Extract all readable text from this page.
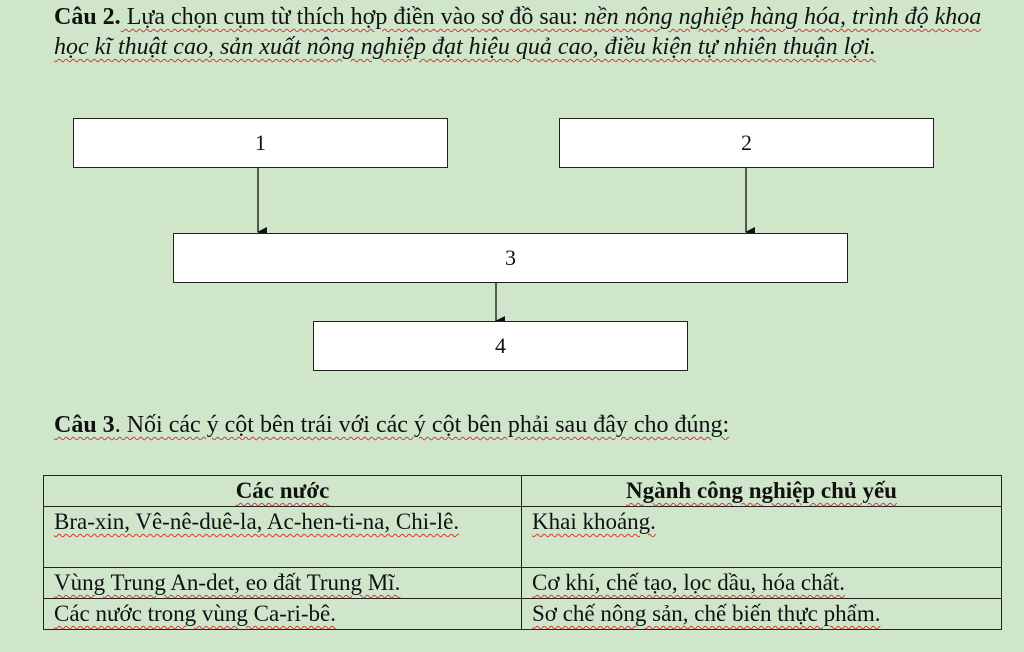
Câu 2. Lựa chọn cụm từ thích hợp điền vào sơ đồ sau: nền nông nghiệp hàng hóa, trình độ khoa học kĩ thuật cao, sản xuất nông nghiệp đạt hiệu quả cao, điều kiện tự nhiên thuận lợi.
1	2
3
4
Câu 3. Nối các ý cột bên trái với các ý cột bên phải sau đây cho đúng:
Các nước	Ngành công nghiệp chủ yếu
Bra-xin, Vê-nê-duê-la, Ac-hen-ti-na, Chi-lê.	Khai khoáng.
Vùng Trung An-det, eo đất Trung Mĩ.	Cơ khí, chế tạo, lọc dầu, hóa chất.
Các nước trong vùng Ca-ri-bê.	Sơ chế nông sản, chế biến thực phẩm.
